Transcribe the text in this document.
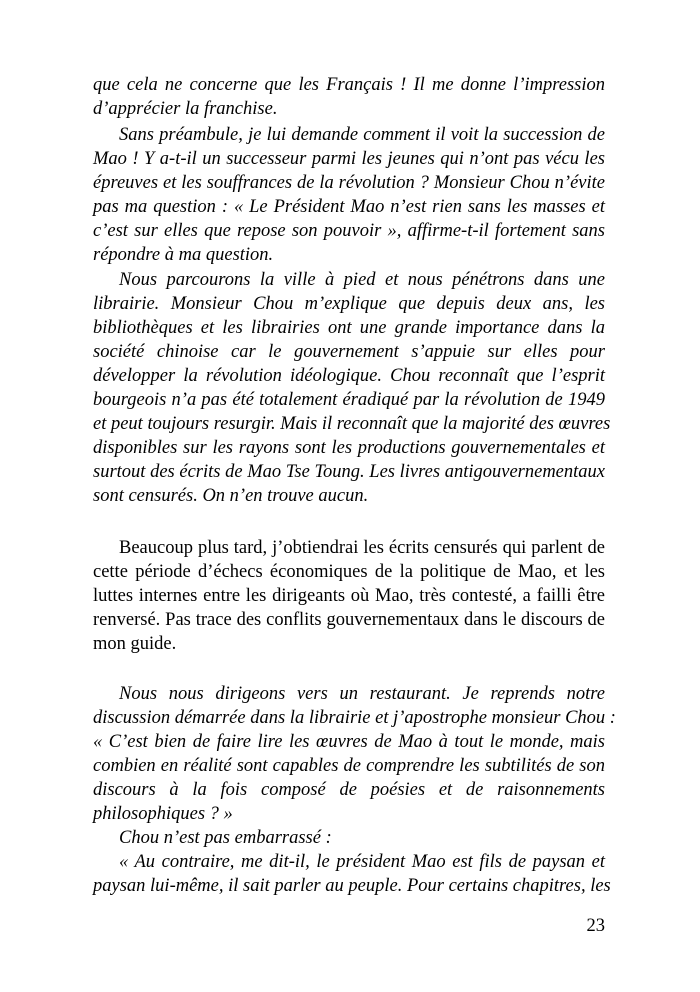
que cela ne concerne que les Français ! Il me donne l’impression
d’apprécier la franchise.

Sans préambule, je lui demande comment il voit la succession de
Mao ! Y a-t-il un successeur parmi les jeunes qui n’ont pas vécu les
épreuves et les souffrances de la révolution ? Monsieur Chou n’évite
pas ma question : « Le Président Mao n’est rien sans les masses et
c’est sur elles que repose son pouvoir », affirme-t-il fortement sans
répondre à ma question.

Nous parcourons la ville à pied et nous pénétrons dans une
librairie. Monsieur Chou m’explique que depuis deux ans, les
bibliothèques et les librairies ont une grande importance dans la
société chinoise car le gouvernement s’appuie sur elles pour
développer la révolution idéologique. Chou reconnaît que l’esprit
bourgeois n’a pas été totalement éradiqué par la révolution de 1949
et peut toujours resurgir. Mais il reconnaît que la majorité des œuvres
disponibles sur les rayons sont les productions gouvernementales et
surtout des écrits de Mao Tse Toung. Les livres antigouvernementaux
sont censurés. On n’en trouve aucun.

Beaucoup plus tard, j’obtiendrai les écrits censurés qui parlent de
cette période d’échecs économiques de la politique de Mao, et les
luttes internes entre les dirigeants où Mao, très contesté, a failli être
renversé. Pas trace des conflits gouvernementaux dans le discours de
mon guide.

Nous nous dirigeons vers un restaurant. Je reprends notre
discussion démarrée dans la librairie et j’apostrophe monsieur Chou :
« C’est bien de faire lire les œuvres de Mao à tout le monde, mais
combien en réalité sont capables de comprendre les subtilités de son
discours à la fois composé de poésies et de raisonnements
philosophiques ? »

Chou n’est pas embarrassé :

« Au contraire, me dit-il, le président Mao est fils de paysan et
paysan lui-même, il sait parler au peuple. Pour certains chapitres, les

23
